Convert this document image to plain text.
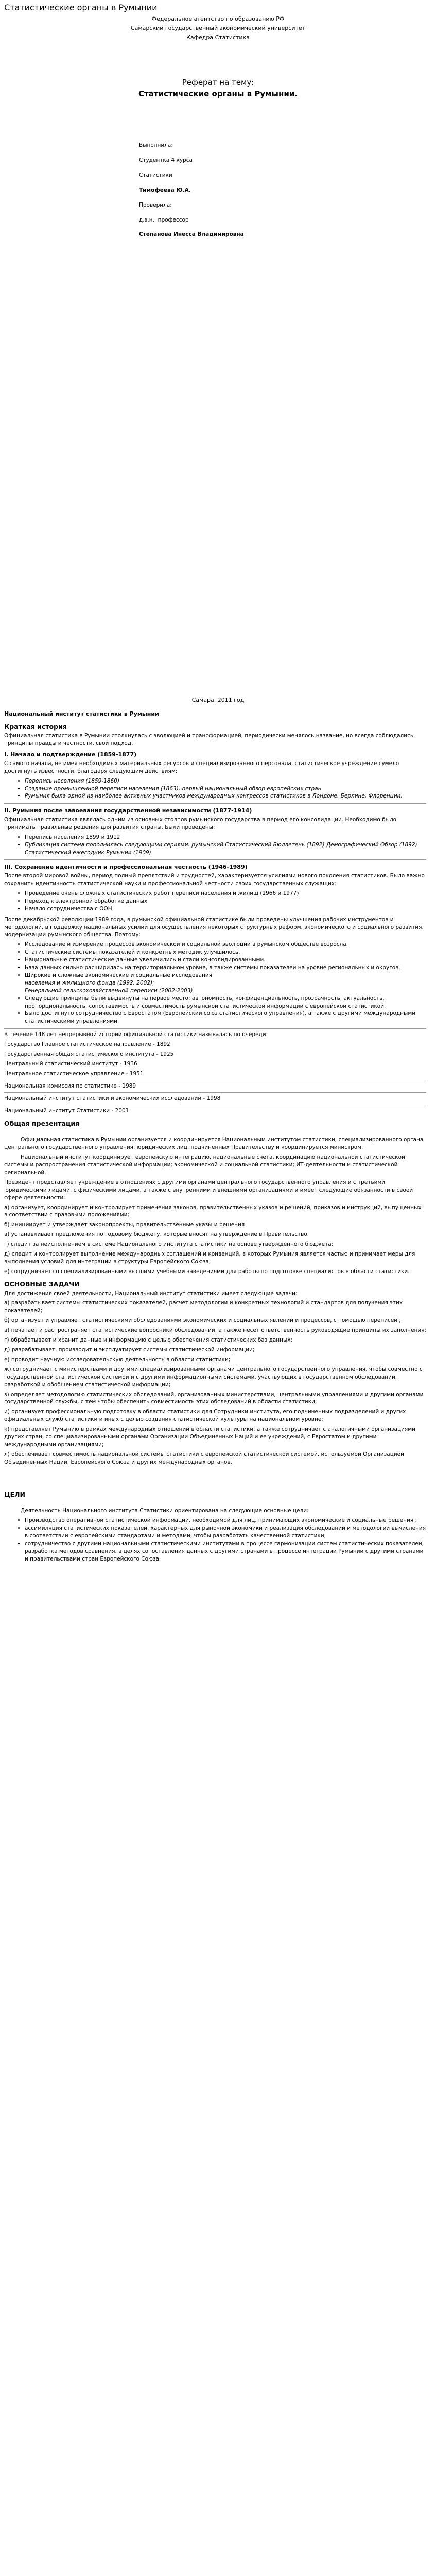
Статистические органы в Румынии
Федеральное агентство по образованию РФ
Самарский государственный экономический университет
Кафедра Статистика
Реферат на тему:
Статистические органы в Румынии.

Выполнила:

Студентка 4 курса

Статистики

Тимофеева Ю.А.

Проверила:

д.э.н., профессор

Степанова Инесса Владимировна

Самара, 2011 год
Национальный институт статистики в Румынии
Краткая история

Официальная статистика в Румынии столкнулась с эволюцией и трансформацией, периодически менялось название, но всегда соблюдались принципы правды и честности, свой подход.

I. Начало и подтверждение (1859-1877)

С самого начала, не имея необходимых материальных ресурсов и специализированного персонала, статистическое учреждение сумело достигнуть известности, благодаря следующим действиям:

• Перепись населения (1859-1860)
• Создание промышленной переписи населения (1863), первый национальный обзор европейских стран
• Румыния была одной из наиболее активных участников международных конгрессов статистиков в Лондоне, Берлине, Флоренции.
II. Румыния после завоевания государственной независимости (1877-1914)

Официальная статистика являлась одним из основных столпов румынского государства в период его консолидации. Необходимо было принимать правильные решения для развития страны. Были проведены:

• Перепись населения 1899 и 1912
• Публикация система пополнилась следующими сериями: румынский Статистический Бюллетень (1892) Демографический Обзор (1892) Статистический ежегодник Румынии (1909)
III. Сохранение идентичности и профессиональная честность (1946-1989)

После второй мировой войны, период полный препятствий и трудностей, характеризуется усилиями нового поколения статистиков. Было важно сохранить идентичность статистической науки и профессиональной честности своих государственных служащих:

• Проведение очень сложных статистических работ переписи населения и жилищ (1966 и 1977)
• Переход к электронной обработке данных
• Начало сотрудничества с ООН

После декабрьской революции 1989 года, в румынской официальной статистике были проведены улучшения рабочих инструментов и методологий, в поддержку национальных усилий для осуществления некоторых структурных реформ, экономического и социального развития, модернизации румынского общества. Поэтому:

• Исследование и измерение процессов экономической и социальной эволюции в румынском обществе возросла.
• Статистические системы показателей и конкретных методик улучшилось.
• Национальные статистические данные увеличились и стали консолидированными.
• База данных сильно расширилась на территориальном уровне, а также системы показателей на уровне региональных и округов.
• Широкие и сложные экономические и социальные исследования
населения и жилищного фонда (1992, 2002);
Генеральной сельскохозяйственной переписи (2002-2003)
• Следующие принципы были выдвинуты на первое место: автономность, конфиденциальность, прозрачность, актуальность, пропорциональность, сопоставимость и совместимость румынской статистической информации с европейской статистикой.
• Было достигнуто сотрудничество с Евростатом (Европейский союз статистического управления), а также с другими международными статистическими управлениями.

В течение 148 лет непрерывной истории официальной статистики называлась по очереди:

Государство Главное статистическое направление - 1892

Государственная общая статистического института - 1925

Центральный статистический институт - 1936

Центральное статистическое управление - 1951

Национальная комиссия по статистике - 1989

Национальный институт статистики и экономических исследований - 1998

Национальный институт Статистики - 2001

Общая презентация

Официальная статистика в Румынии организуется и координируется Национальным институтом статистики, специализированного органа центрального государственного управления, юридических лиц, подчиненных Правительству и координируется министром.

Национальный институт координирует европейскую интеграцию, национальные счета, координацию национальной статистической системы и распространения статистической информации; экономической и социальной статистики; ИТ-деятельности и статистической региональной.

Президент представляет учреждение в отношениях с другими органами центрального государственного управления и с третьими юридическими лицами, с физическими лицами, а также с внутренними и внешними организациями и имеет следующие обязанности в своей сфере деятельности:

а) организует, координирует и контролирует применения законов, правительственных указов и решений, приказов и инструкций, выпущенных в соответствии с правовыми положениями;

б) инициирует и утверждает законопроекты, правительственные указы и решения

в) устанавливает предложения по годовому бюджету, которые вносят на утверждение в Правительство;

г) следит за неисполнением в системе Национального института статистики на основе утвержденного бюджета;

д) следит и контролирует выполнение международных соглашений и конвенций, в которых Румыния является частью и принимает меры для выполнения условий для интеграции в структуры Европейского Союза;

е) сотрудничает со специализированными высшими учебными заведениями для работы по подготовке специалистов в области статистики.

ОСНОВНЫЕ ЗАДАЧИ

Для достижения своей деятельности, Национальный институт статистики имеет следующие задачи:

а) разрабатывает системы статистических показателей, расчет методологии и конкретных технологий и стандартов для получения этих показателей;

б) организует и управляет статистическими обследованиями экономических и социальных явлений и процессов, с помощью переписей ;

в) печатает и распространяет статистические вопросники обследований, а также несет ответственность руководящие принципы их заполнения;

г) обрабатывает и хранит данные и информацию с целью обеспечения статистических баз данных;

д) разрабатывает, производит и эксплуатирует системы статистической информации;

е) проводит научную исследовательскую деятельность в области статистики;

ж) сотрудничает с министерствами и другими специализированными органами центрального государственного управления, чтобы совместно с государственной статистической системой и с другими информационными системами, участвующих в государственном обследовании, разработкой и обобщением статистической информации;

з) определяет методологию статистических обследований, организованных министерствами, центральными управлениями и другими органами государственной службы, с тем чтобы обеспечить совместимость этих обследований в области статистики;

и) организует профессиональную подготовку в области статистики для Сотрудники института, его подчиненных подразделений и других официальных служб статистики и иных с целью создания статистической культуры на национальном уровне;

к) представляет Румынию в рамках международных отношений в области статистики, а также сотрудничает с аналогичными организациями других стран, со специализированными органами Организации Объединенных Наций и ее учреждений, с Евростатом и другими международными организациями;

л) обеспечивает совместимость национальной системы статистики с европейской статистической системой, используемой Организацией Объединенных Наций, Европейского Союза и других международных органов.

ЦЕЛИ

Деятельность Национального института Статистики ориентирована на следующие основные цели:

• Производство оперативной статистической информации, необходимой для лиц, принимающих экономические и социальные решения ;
• ассимиляция статистических показателей, характерных для рыночной экономики и реализация обследований и методологии вычисления в соответствии с европейскими стандартами и методами, чтобы разработать качественной статистики;
• сотрудничество с другими национальными статистическими институтами в процессе гармонизации систем статистических показателей, разработка методов сравнения, в целях сопоставления данных с другими странами в процессе интеграции Румынии с другими странами и правительствами стран Европейского Союза.
